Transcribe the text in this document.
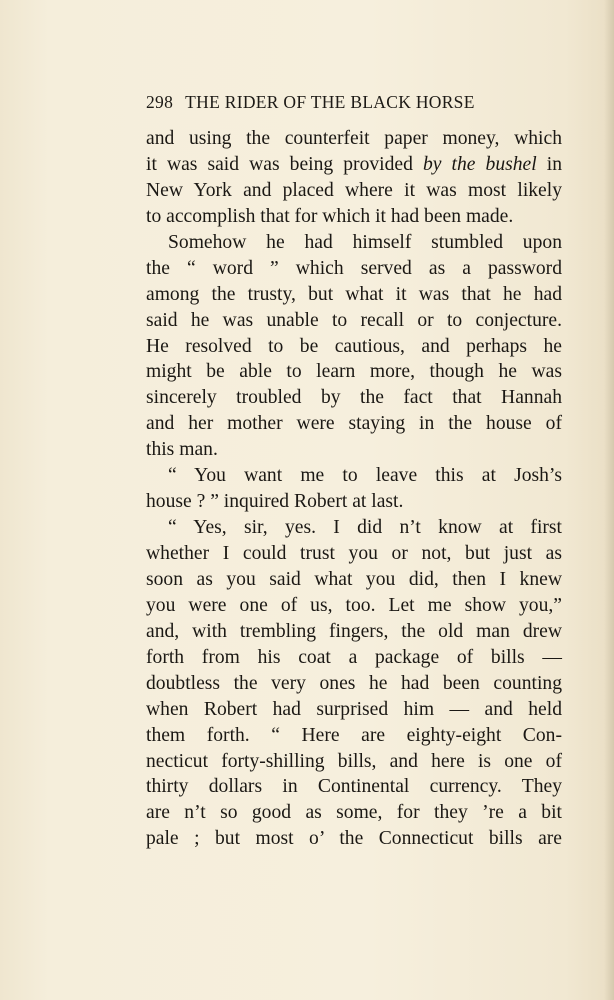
298 THE RIDER OF THE BLACK HORSE
and using the counterfeit paper money, which
it was said was being provided by the bushel in
New York and placed where it was most likely
to accomplish that for which it had been made.
Somehow he had himself stumbled upon
the “ word ” which served as a password
among the trusty, but what it was that he had
said he was unable to recall or to conjecture.
He resolved to be cautious, and perhaps he
might be able to learn more, though he was
sincerely troubled by the fact that Hannah
and her mother were staying in the house of
this man.
“ You want me to leave this at Josh’s
house ? ” inquired Robert at last.
“ Yes, sir, yes. I did n’t know at first
whether I could trust you or not, but just as
soon as you said what you did, then I knew
you were one of us, too. Let me show you,”
and, with trembling fingers, the old man drew
forth from his coat a package of bills —
doubtless the very ones he had been counting
when Robert had surprised him — and held
them forth. “ Here are eighty-eight Con-
necticut forty-shilling bills, and here is one of
thirty dollars in Continental currency. They
are n’t so good as some, for they ’re a bit
pale ; but most o’ the Connecticut bills are
